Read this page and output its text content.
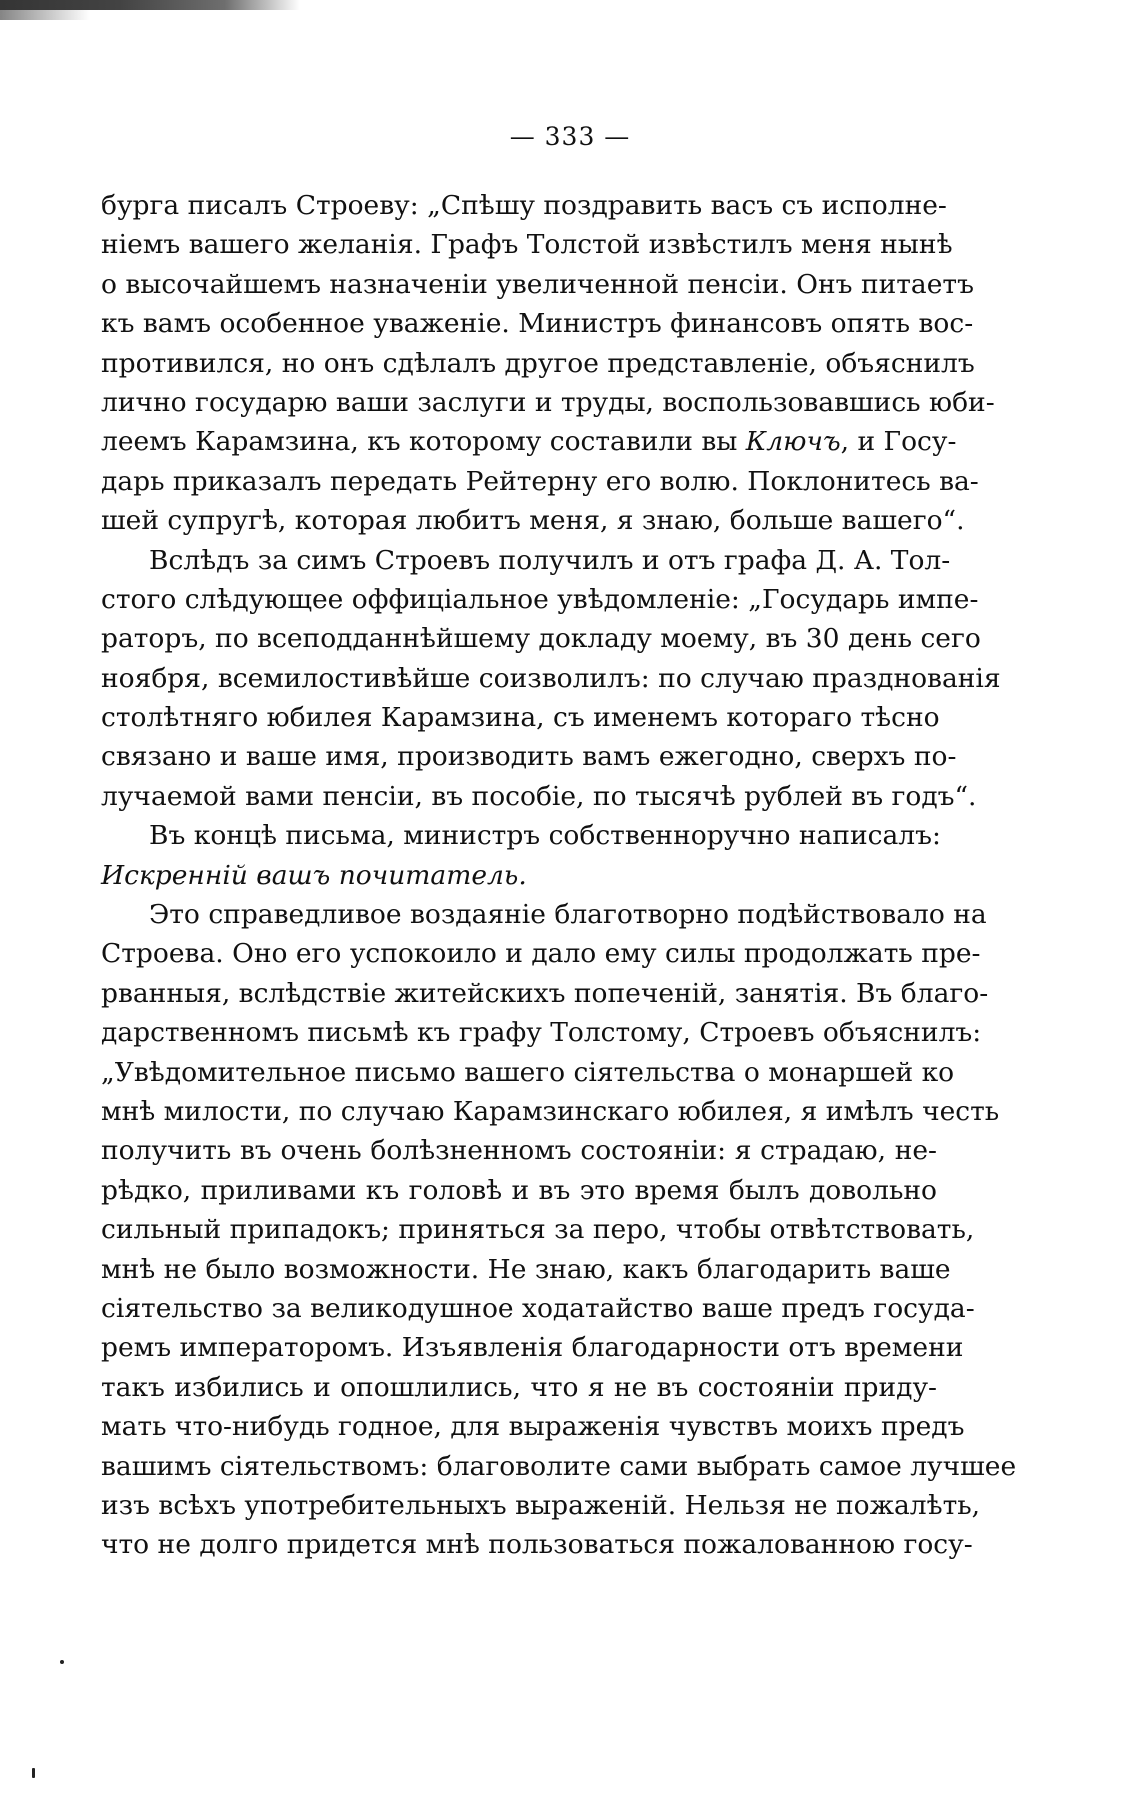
— 333 —
бурга писалъ Строеву: „Спѣшу поздравить васъ съ исполне-
ніемъ вашего желанія. Графъ Толстой извѣстилъ меня нынѣ
о высочайшемъ назначеніи увеличенной пенсіи. Онъ питаетъ
къ вамъ особенное уваженіе. Министръ финансовъ опять вос-
противился, но онъ сдѣлалъ другое представленіе, объяснилъ
лично государю ваши заслуги и труды, воспользовавшись юби-
леемъ Карамзина, къ которому составили вы Ключъ, и Госу-
дарь приказалъ передать Рейтерну его волю. Поклонитесь ва-
шей супругѣ, которая любитъ меня, я знаю, больше вашего“.
Вслѣдъ за симъ Строевъ получилъ и отъ графа Д. А. Тол-
стого слѣдующее оффиціальное увѣдомленіе: „Государь импе-
раторъ, по всеподданнѣйшему докладу моему, въ 30 день сего
ноября, всемилостивѣйше соизволилъ: по случаю празднованія
столѣтняго юбилея Карамзина, съ именемъ котораго тѣсно
связано и ваше имя, производить вамъ ежегодно, сверхъ по-
лучаемой вами пенсіи, въ пособіе, по тысячѣ рублей въ годъ“.
Въ концѣ письма, министръ собственноручно написалъ:
Искренній вашъ почитатель.
Это справедливое воздаяніе благотворно подѣйствовало на
Строева. Оно его успокоило и дало ему силы продолжать пре-
рванныя, вслѣдствіе житейскихъ попеченій, занятія. Въ благо-
дарственномъ письмѣ къ графу Толстому, Строевъ объяснилъ:
„Увѣдомительное письмо вашего сіятельства о монаршей ко
мнѣ милости, по случаю Карамзинскаго юбилея, я имѣлъ честь
получить въ очень болѣзненномъ состояніи: я страдаю, не-
рѣдко, приливами къ головѣ и въ это время былъ довольно
сильный припадокъ; приняться за перо, чтобы отвѣтствовать,
мнѣ не было возможности. Не знаю, какъ благодарить ваше
сіятельство за великодушное ходатайство ваше предъ госуда-
ремъ императоромъ. Изъявленія благодарности отъ времени
такъ избились и опошлились, что я не въ состояніи приду-
мать что-нибудь годное, для выраженія чувствъ моихъ предъ
вашимъ сіятельствомъ: благоволите сами выбрать самое лучшее
изъ всѣхъ употребительныхъ выраженій. Нельзя не пожалѣть,
что не долго придется мнѣ пользоваться пожалованною госу-
